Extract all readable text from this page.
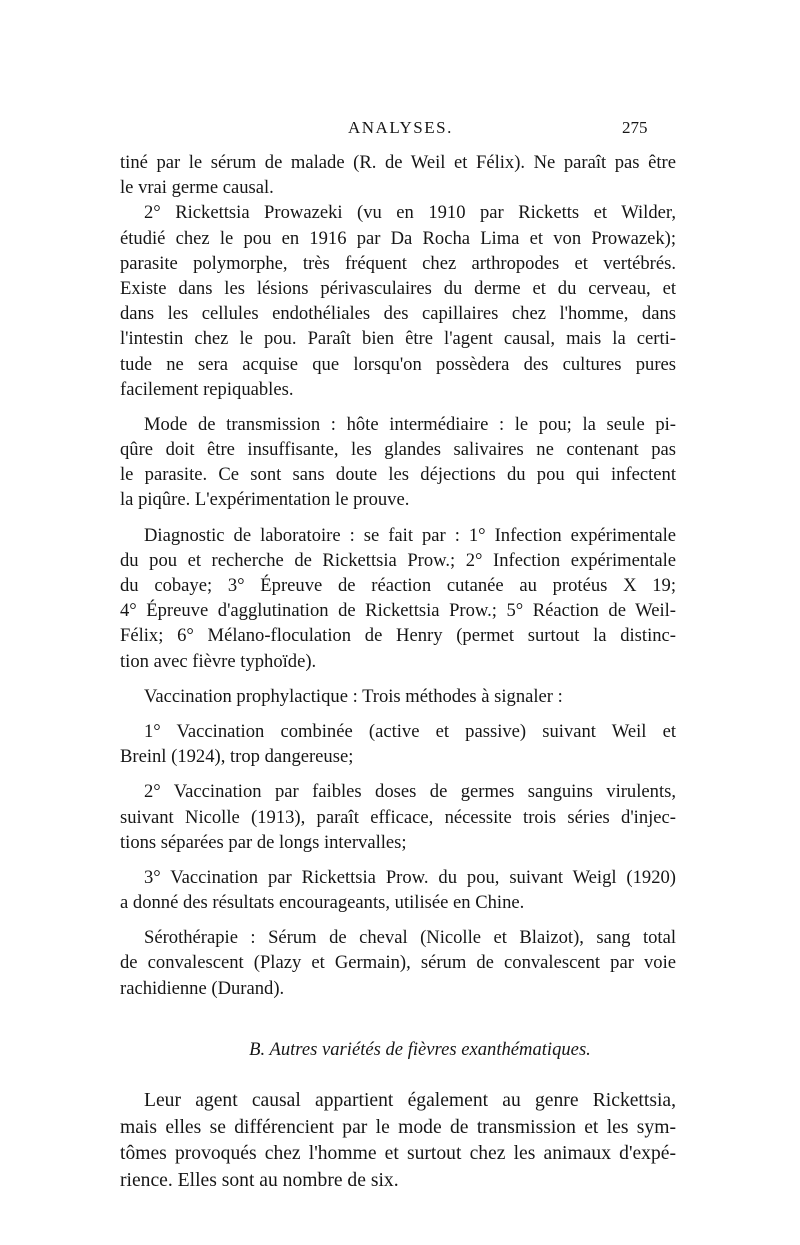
ANALYSES.	275
tiné par le sérum de malade (R. de Weil et Félix). Ne paraît pas être
le vrai germe causal.
2° Rickettsia Prowazeki (vu en 1910 par Ricketts et Wilder,
étudié chez le pou en 1916 par Da Rocha Lima et von Prowazek);
parasite polymorphe, très fréquent chez arthropodes et vertébrés.
Existe dans les lésions périvasculaires du derme et du cerveau, et
dans les cellules endothéliales des capillaires chez l'homme, dans
l'intestin chez le pou. Paraît bien être l'agent causal, mais la certi-
tude ne sera acquise que lorsqu'on possèdera des cultures pures
facilement repiquables.
Mode de transmission : hôte intermédiaire : le pou; la seule pi-
qûre doit être insuffisante, les glandes salivaires ne contenant pas
le parasite. Ce sont sans doute les déjections du pou qui infectent
la piqûre. L'expérimentation le prouve.
Diagnostic de laboratoire : se fait par : 1° Infection expérimentale
du pou et recherche de Rickettsia Prow.; 2° Infection expérimentale
du cobaye; 3° Épreuve de réaction cutanée au protéus X 19;
4° Épreuve d'agglutination de Rickettsia Prow.; 5° Réaction de Weil-
Félix; 6° Mélano-floculation de Henry (permet surtout la distinc-
tion avec fièvre typhoïde).
Vaccination prophylactique : Trois méthodes à signaler :
1° Vaccination combinée (active et passive) suivant Weil et
Breinl (1924), trop dangereuse;
2° Vaccination par faibles doses de germes sanguins virulents,
suivant Nicolle (1913), paraît efficace, nécessite trois séries d'injec-
tions séparées par de longs intervalles;
3° Vaccination par Rickettsia Prow. du pou, suivant Weigl (1920)
a donné des résultats encourageants, utilisée en Chine.
Sérothérapie : Sérum de cheval (Nicolle et Blaizot), sang total
de convalescent (Plazy et Germain), sérum de convalescent par voie
rachidienne (Durand).
B. Autres variétés de fièvres exanthématiques.
Leur agent causal appartient également au genre Rickettsia,
mais elles se différencient par le mode de transmission et les sym-
tômes provoqués chez l'homme et surtout chez les animaux d'expé-
rience. Elles sont au nombre de six.
